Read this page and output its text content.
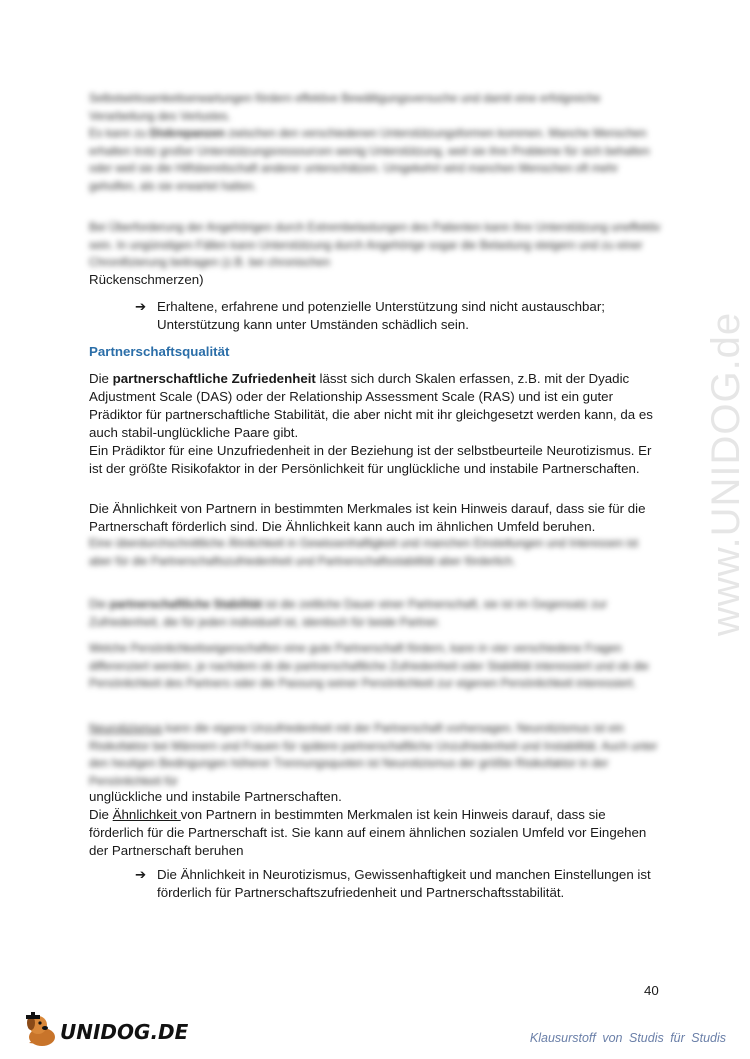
www.UNIDOG.de

Selbstwirksamkeitserwartungen fördern effektive Bewältigungsversuche und damit eine erfolgreiche Verarbeitung des Verlustes.

Es kann zu Diskrepanzen zwischen den verschiedenen Unterstützungsformen kommen. Manche Menschen erhalten trotz großer Unterstützungsressourcen wenig Unterstützung, weil sie ihre Probleme für sich behalten oder weil sie die Hilfsbereitschaft anderer unterschätzen. Umgekehrt wird manchen Menschen oft mehr geholfen, als sie erwartet hatten.

Bei Überforderung der Angehörigen durch Extrembelastungen des Patienten kann ihre Unterstützung uneffektiv sein. In ungünstigen Fällen kann Unterstützung durch Angehörige sogar die Belastung steigern und zu einer Chronifizierung beitragen (z.B. bei chronischen

Rückenschmerzen)
➔ Erhaltene, erfahrene und potenzielle Unterstützung sind nicht austauschbar; Unterstützung kann unter Umständen schädlich sein.
Partnerschaftsqualität

Die partnerschaftliche Zufriedenheit lässt sich durch Skalen erfassen, z.B. mit der Dyadic Adjustment Scale (DAS) oder der Relationship Assessment Scale (RAS) und ist ein guter Prädiktor für partnerschaftliche Stabilität, die aber nicht mit ihr gleichgesetzt werden kann, da es auch stabil-unglückliche Paare gibt.

Ein Prädiktor für eine Unzufriedenheit in der Beziehung ist der selbstbeurteile Neurotizismus. Er ist der größte Risikofaktor in der Persönlichkeit für unglückliche und instabile Partnerschaften.

Die Ähnlichkeit von Partnern in bestimmten Merkmales ist kein Hinweis darauf, dass sie für die Partnerschaft förderlich sind. Die Ähnlichkeit kann auch im ähnlichen Umfeld beruhen.
Eine überdurchschnittliche Ähnlichkeit in Gewissenhaftigkeit und manchen Einstellungen und Interessen ist aber für die Partnerschaftszufriedenheit und Partnerschaftsstabilität aber förderlich.

Die partnerschaftliche Stabilität ist die zeitliche Dauer einer Partnerschaft, sie ist im Gegensatz zur Zufriedenheit, die für jeden individuell ist, identisch für beide Partner.

Welche Persönlichkeitseigenschaften eine gute Partnerschaft fördern, kann in vier verschiedene Fragen differenziert werden, je nachdem ob die partnerschaftliche Zufriedenheit oder Stabilität interessiert und ob die Persönlichkeit des Partners oder die Passung seiner Persönlichkeit zur eigenen Persönlichkeit interessiert.

Neurotizismus kann die eigene Unzufriedenheit mit der Partnerschaft vorhersagen. Neurotizismus ist ein Risikofaktor bei Männern und Frauen für spätere partnerschaftliche Unzufriedenheit und Instabilität. Auch unter den heutigen Bedingungen höherer Trennungsquoten ist Neurotizismus der größte Risikofaktor in der Persönlichkeit für

unglückliche und instabile Partnerschaften.

Die Ähnlichkeit von Partnern in bestimmten Merkmalen ist kein Hinweis darauf, dass sie förderlich für die Partnerschaft ist. Sie kann auf einem ähnlichen sozialen Umfeld vor Eingehen der Partnerschaft beruhen

➔ Die Ähnlichkeit in Neurotizismus, Gewissenhaftigkeit und manchen Einstellungen ist förderlich für Partnerschaftszufriedenheit und Partnerschaftsstabilität.
40
UNIDOG.DE	Klausurstoff von Studis für Studis
